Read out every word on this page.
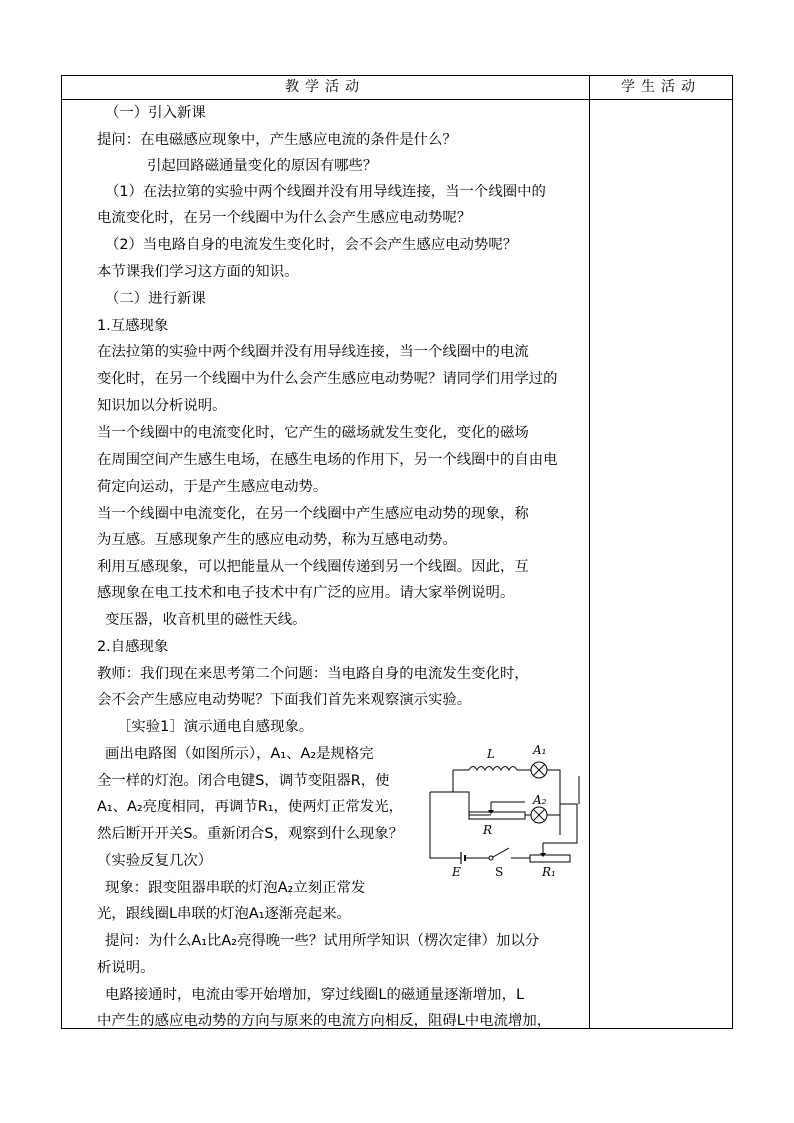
教学活动	学生活动
（一）引入新课
提问：在电磁感应现象中，产生感应电流的条件是什么？
引起回路磁通量变化的原因有哪些？
（1）在法拉第的实验中两个线圈并没有用导线连接，当一个线圈中的
电流变化时，在另一个线圈中为什么会产生感应电动势呢？
（2）当电路自身的电流发生变化时，会不会产生感应电动势呢？
本节课我们学习这方面的知识。
（二）进行新课
1.互感现象
在法拉第的实验中两个线圈并没有用导线连接，当一个线圈中的电流
变化时，在另一个线圈中为什么会产生感应电动势呢？请同学们用学过的
知识加以分析说明。
当一个线圈中的电流变化时，它产生的磁场就发生变化，变化的磁场
在周围空间产生感生电场，在感生电场的作用下，另一个线圈中的自由电
荷定向运动，于是产生感应电动势。
当一个线圈中电流变化，在另一个线圈中产生感应电动势的现象，称
为互感。互感现象产生的感应电动势，称为互感电动势。
利用互感现象，可以把能量从一个线圈传递到另一个线圈。因此，互
感现象在电工技术和电子技术中有广泛的应用。请大家举例说明。
变压器，收音机里的磁性天线。
2.自感现象
教师：我们现在来思考第二个问题：当电路自身的电流发生变化时，
会不会产生感应电动势呢？下面我们首先来观察演示实验。
［实验1］演示通电自感现象。
画出电路图（如图所示），A₁、A₂是规格完
全一样的灯泡。闭合电键S，调节变阻器R，使
A₁、A₂亮度相同，再调节R₁，使两灯正常发光，
然后断开开关S。重新闭合S，观察到什么现象？
（实验反复几次）
现象：跟变阻器串联的灯泡A₂立刻正常发
光，跟线圈L串联的灯泡A₁逐渐亮起来。
提问：为什么A₁比A₂亮得晚一些？试用所学知识（楞次定律）加以分
析说明。
电路接通时，电流由零开始增加，穿过线圈L的磁通量逐渐增加，L
中产生的感应电动势的方向与原来的电流方向相反，阻碍L中电流增加，
L	A₁
A₂
R
E	S	R₁
